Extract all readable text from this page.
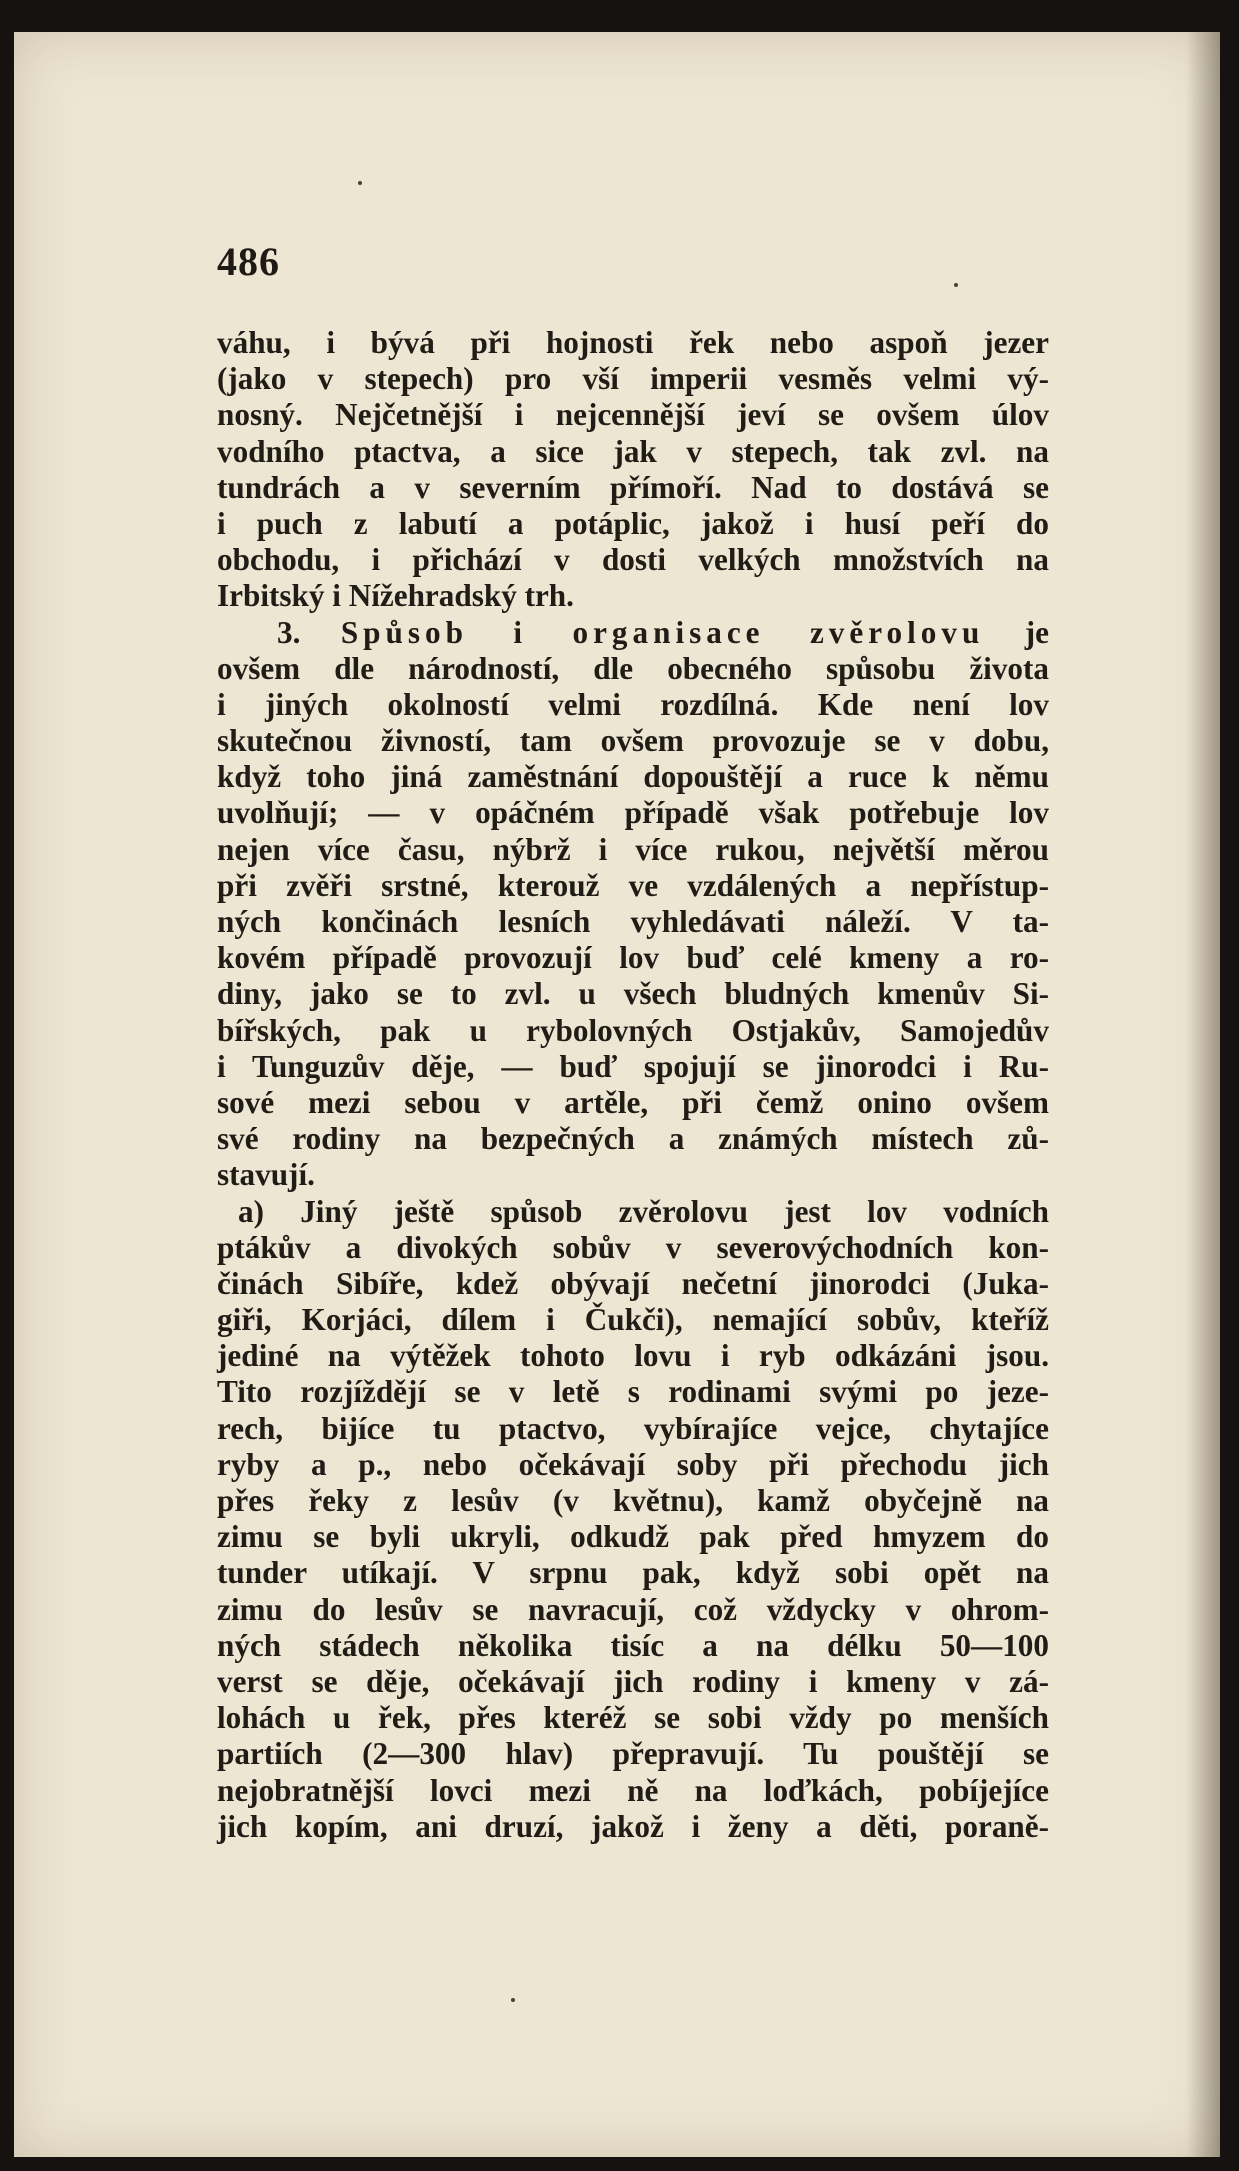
486
váhu, i bývá při hojnosti řek nebo aspoň jezer
(jako v stepech) pro vší imperii vesměs velmi vý-
nosný. Nejčetnější i nejcennější jeví se ovšem úlov
vodního ptactva, a sice jak v stepech, tak zvl. na
tundrách a v severním přímoří. Nad to dostává se
i puch z labutí a potáplic, jakož i husí peří do
obchodu, i přichází v dosti velkých množstvích na
Irbitský i Nížehradský trh.
3. Spůsob i organisace zvěrolovu je
ovšem dle národností, dle obecného spůsobu života
i jiných okolností velmi rozdílná. Kde není lov
skutečnou živností, tam ovšem provozuje se v dobu,
když toho jiná zaměstnání dopouštějí a ruce k němu
uvolňují; — v opáčném případě však potřebuje lov
nejen více času, nýbrž i více rukou, největší měrou
při zvěři srstné, kterouž ve vzdálených a nepřístup-
ných končinách lesních vyhledávati náleží. V ta-
kovém případě provozují lov buď celé kmeny a ro-
diny, jako se to zvl. u všech bludných kmenův Si-
bířských, pak u rybolovných Ostjakův, Samojedův
i Tunguzův děje, — buď spojují se jinorodci i Ru-
sové mezi sebou v artěle, při čemž onino ovšem
své rodiny na bezpečných a známých místech zů-
stavují.
a) Jiný ještě spůsob zvěrolovu jest lov vodních
ptákův a divokých sobův v severovýchodních kon-
činách Sibíře, kdež obývají nečetní jinorodci (Juka-
giři, Korjáci, dílem i Čukči), nemající sobův, kteříž
jediné na výtěžek tohoto lovu i ryb odkázáni jsou.
Tito rozjíždějí se v letě s rodinami svými po jeze-
rech, bijíce tu ptactvo, vybírajíce vejce, chytajíce
ryby a p., nebo očekávají soby při přechodu jich
přes řeky z lesův (v květnu), kamž obyčejně na
zimu se byli ukryli, odkudž pak před hmyzem do
tunder utíkají. V srpnu pak, když sobi opět na
zimu do lesův se navracují, což vždycky v ohrom-
ných stádech několika tisíc a na délku 50—100
verst se děje, očekávají jich rodiny i kmeny v zá-
lohách u řek, přes kteréž se sobi vždy po menších
partiích (2—300 hlav) přepravují. Tu pouštějí se
nejobratnější lovci mezi ně na loďkách, pobíjejíce
jich kopím, ani druzí, jakož i ženy a děti, poraně-
